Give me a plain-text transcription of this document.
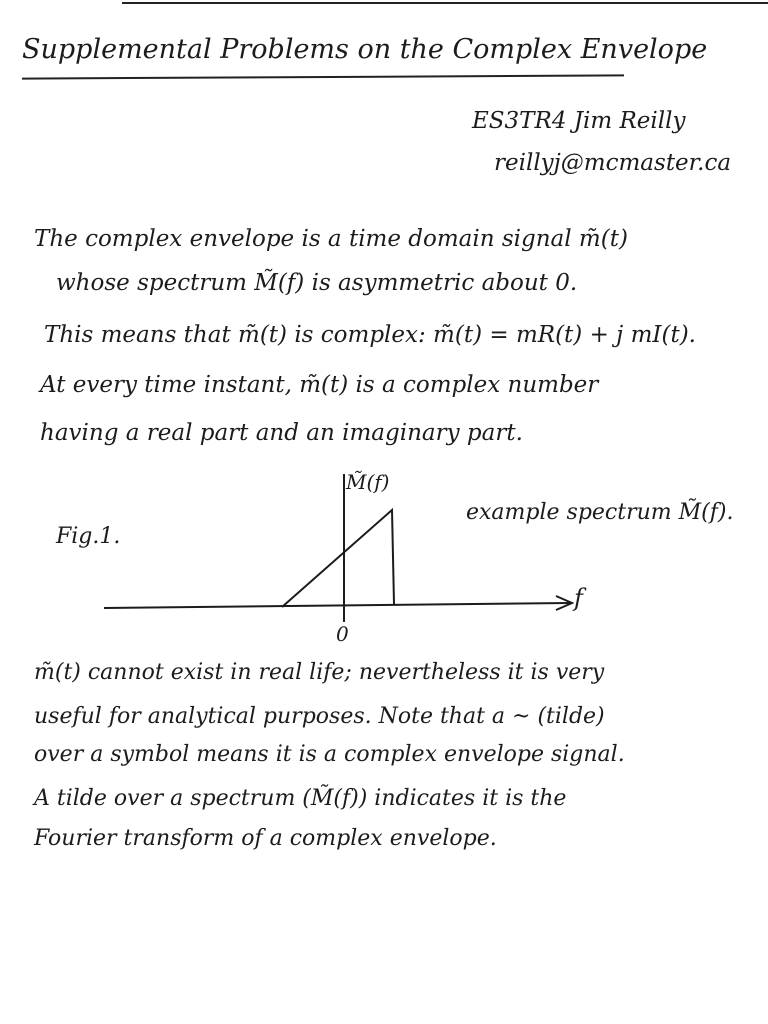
Supplemental Problems on the Complex Envelope
ES3TR4 Jim Reilly
reillyj@mcmaster.ca
The complex envelope is a time domain signal m̃(t)
whose spectrum M̃(f) is asymmetric about 0.
This means that m̃(t) is complex: m̃(t) = mR(t) + j mI(t).
At every time instant, m̃(t) is a complex number
having a real part and an imaginary part.
M̃(f)
f
0
Fig.1.
example spectrum M̃(f).
m̃(t) cannot exist in real life; nevertheless it is very
useful for analytical purposes. Note that a ~ (tilde)
over a symbol means it is a complex envelope signal.
A tilde over a spectrum (M̃(f)) indicates it is the
Fourier transform of a complex envelope.
